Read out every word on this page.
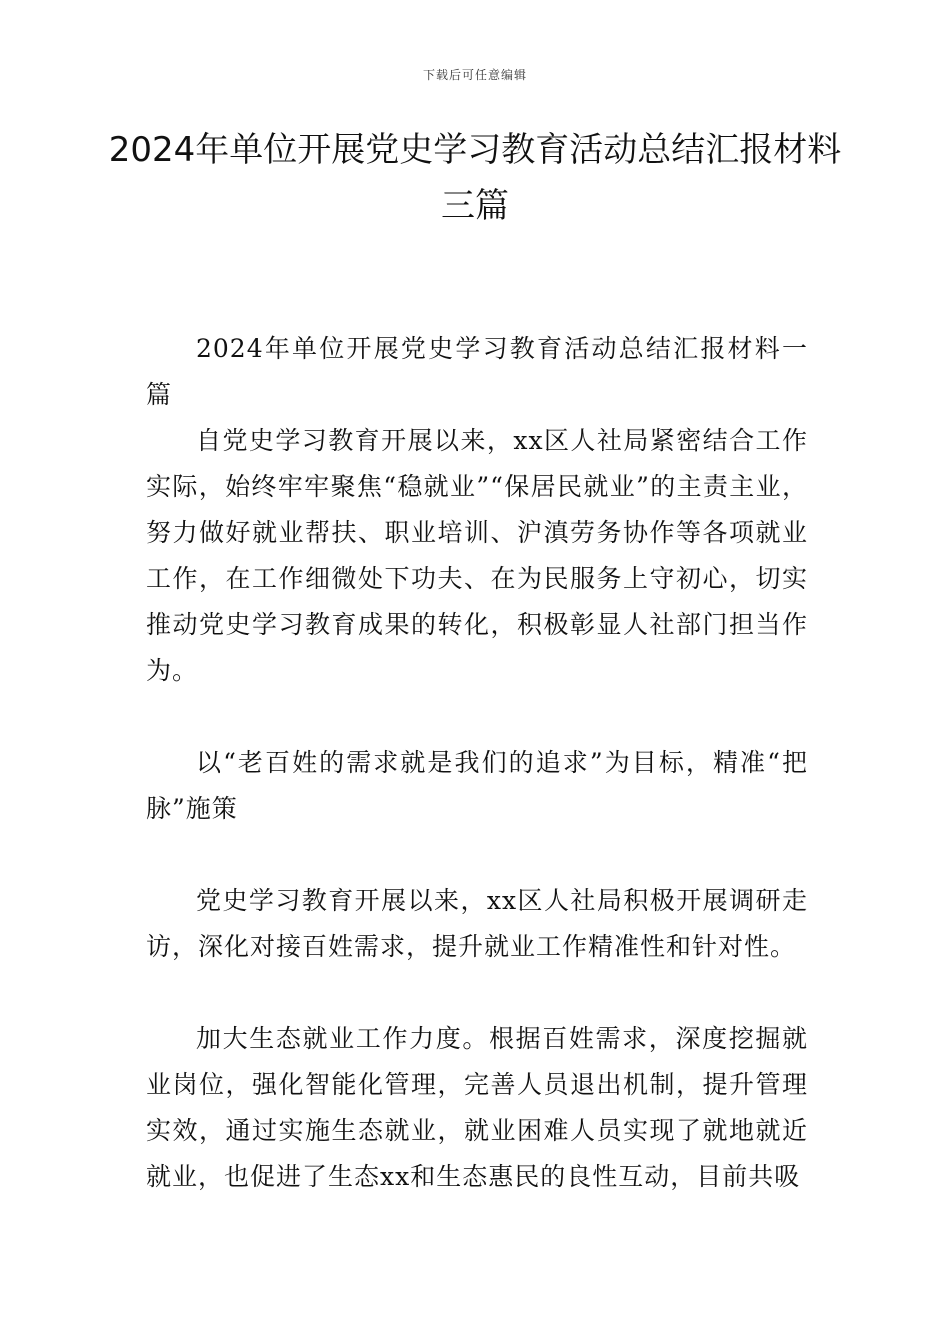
下载后可任意编辑
2024年单位开展党史学习教育活动总结汇报材料三篇

2024年单位开展党史学习教育活动总结汇报材料一篇

自党史学习教育开展以来，xx区人社局紧密结合工作实际，始终牢牢聚焦“稳就业”“保居民就业”的主责主业，努力做好就业帮扶、职业培训、沪滇劳务协作等各项就业工作，在工作细微处下功夫、在为民服务上守初心，切实推动党史学习教育成果的转化，积极彰显人社部门担当作为。

以“老百姓的需求就是我们的追求”为目标，精准“把脉”施策

党史学习教育开展以来，xx区人社局积极开展调研走访，深化对接百姓需求，提升就业工作精准性和针对性。

加大生态就业工作力度。根据百姓需求，深度挖掘就业岗位，强化智能化管理，完善人员退出机制，提升管理实效，通过实施生态就业，就业困难人员实现了就地就近就业，也促进了生态xx和生态惠民的良性互动，目前共吸
